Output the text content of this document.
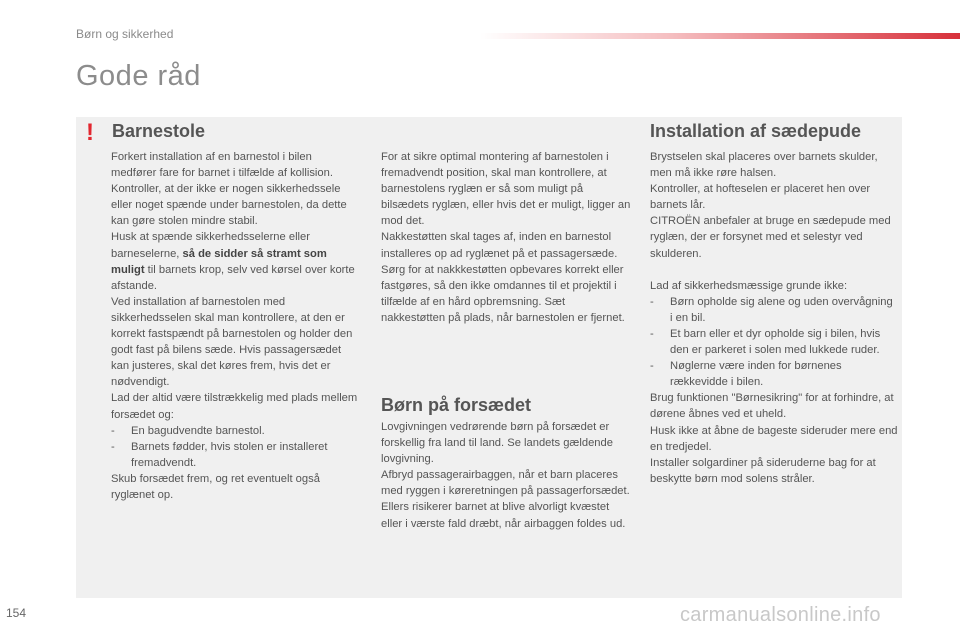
Børn og sikkerhed
Gode råd
! Barnestole

Forkert installation af en barnestol i bilen medfører fare for barnet i tilfælde af kollision.

Kontroller, at der ikke er nogen sikkerhedssele eller noget spænde under barnestolen, da dette kan gøre stolen mindre stabil.

Husk at spænde sikkerhedsselerne eller barneselerne, så de sidder så stramt som muligt til barnets krop, selv ved kørsel over korte afstande.

Ved installation af barnestolen med sikkerhedsselen skal man kontrollere, at den er korrekt fastspændt på barnestolen og holder den godt fast på bilens sæde. Hvis passagersædet kan justeres, skal det køres frem, hvis det er nødvendigt.

Lad der altid være tilstrækkelig med plads mellem forsædet og:

- En bagudvendte barnestol.
- Barnets fødder, hvis stolen er installeret fremadvendt.

Skub forsædet frem, og ret eventuelt også ryglænet op.

For at sikre optimal montering af barnestolen i fremadvendt position, skal man kontrollere, at barnestolens ryglæn er så som muligt på bilsædets ryglæn, eller hvis det er muligt, ligger an mod det.

Nakkestøtten skal tages af, inden en barnestol installeres op ad ryglænet på et passagersæde.

Sørg for at nakkkestøtten opbevares korrekt eller fastgøres, så den ikke omdannes til et projektil i tilfælde af en hård opbremsning. Sæt nakkestøtten på plads, når barnestolen er fjernet.

Børn på forsædet

Lovgivningen vedrørende børn på forsædet er forskellig fra land til land. Se landets gældende lovgivning.

Afbryd passagerairbaggen, når et barn placeres med ryggen i køreretningen på passagerforsædet. Ellers risikerer barnet at blive alvorligt kvæstet eller i værste fald dræbt, når airbaggen foldes ud.

Installation af sædepude

Brystselen skal placeres over barnets skulder, men må ikke røre halsen.

Kontroller, at hofteselen er placeret hen over barnets lår.

CITROËN anbefaler at bruge en sædepude med ryglæn, der er forsynet med et selestyr ved skulderen.

Lad af sikkerhedsmæssige grunde ikke:

- Børn opholde sig alene og uden overvågning i en bil.
- Et barn eller et dyr opholde sig i bilen, hvis den er parkeret i solen med lukkede ruder.
- Nøglerne være inden for børnenes rækkevidde i bilen.

Brug funktionen "Børnesikring" for at forhindre, at dørene åbnes ved et uheld.

Husk ikke at åbne de bageste sideruder mere end en tredjedel.

Installer solgardiner på sideruderne bag for at beskytte børn mod solens stråler.

154	carmanualsonline.info
